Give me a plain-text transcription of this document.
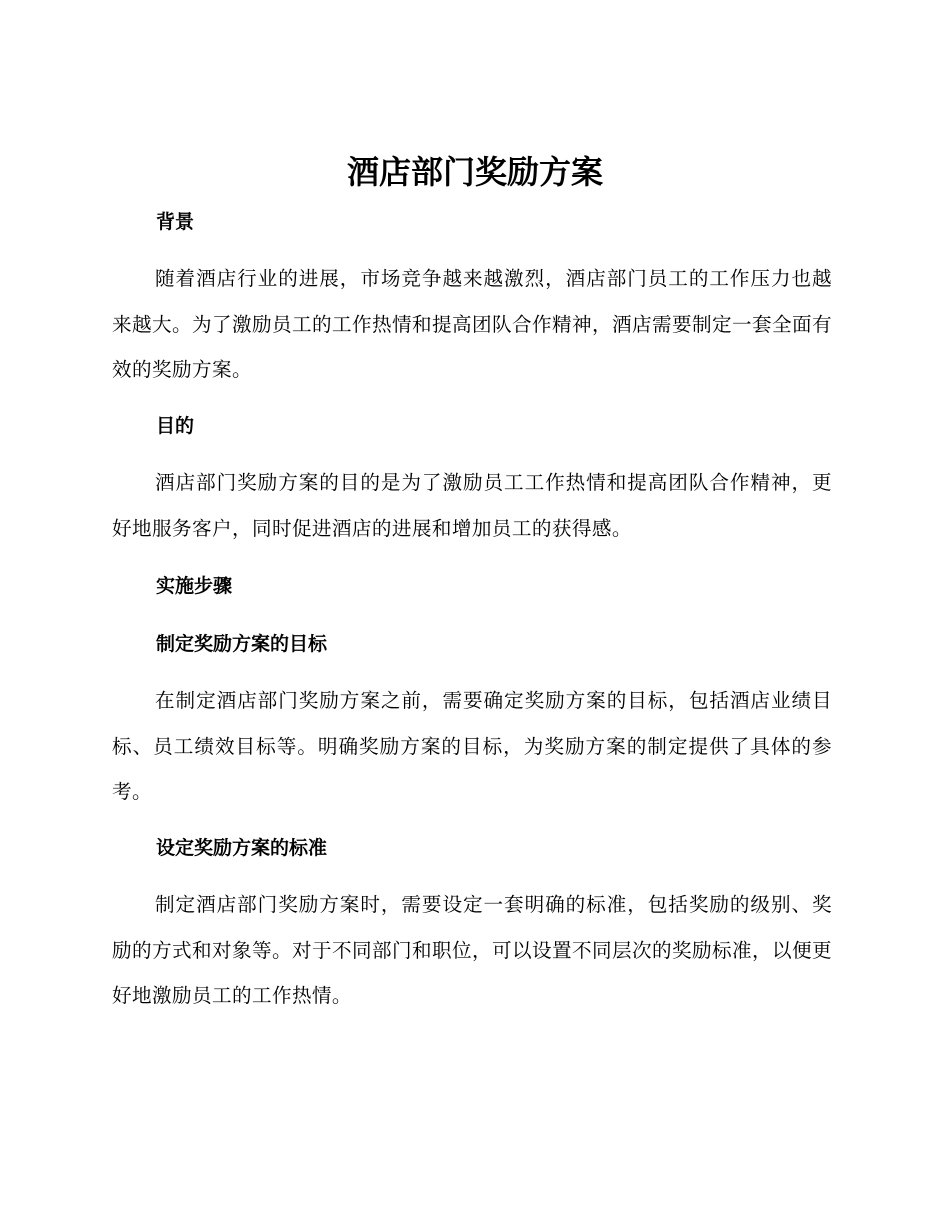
酒店部门奖励方案
背景

随着酒店行业的进展，市场竞争越来越激烈，酒店部门员工的工作压力也越来越大。为了激励员工的工作热情和提高团队合作精神，酒店需要制定一套全面有效的奖励方案。

目的

酒店部门奖励方案的目的是为了激励员工工作热情和提高团队合作精神，更好地服务客户，同时促进酒店的进展和增加员工的获得感。

实施步骤
制定奖励方案的目标

在制定酒店部门奖励方案之前，需要确定奖励方案的目标，包括酒店业绩目标、员工绩效目标等。明确奖励方案的目标，为奖励方案的制定提供了具体的参考。

设定奖励方案的标准

制定酒店部门奖励方案时，需要设定一套明确的标准，包括奖励的级别、奖励的方式和对象等。对于不同部门和职位，可以设置不同层次的奖励标准，以便更好地激励员工的工作热情。
